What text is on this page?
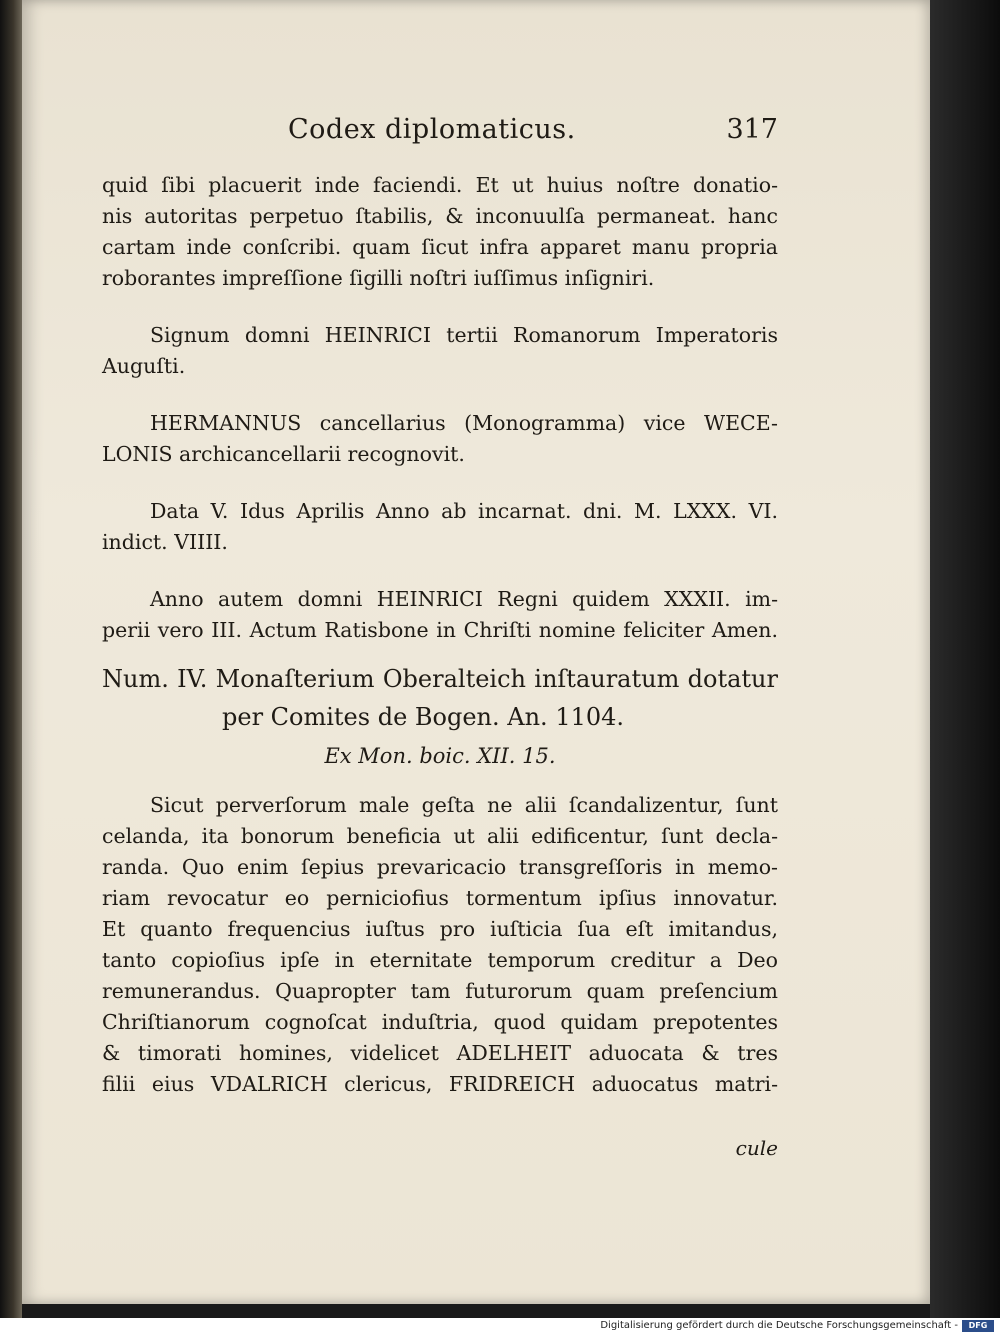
Codex diplomaticus.	317

quid ſibi placuerit inde faciendi. Et ut huius noſtre donatio-
nis autoritas perpetuo ſtabilis, & inconuulſa permaneat. hanc
cartam inde conſcribi. quam ſicut infra apparet manu propria
roborantes impreſſione ſigilli noſtri iuſſimus inſigniri.

Signum domni HEINRICI tertii Romanorum Imperatoris
Auguſti.

HERMANNUS cancellarius (Monogramma) vice WECE-
LONIS archicancellarii recognovit.

Data V. Idus Aprilis Anno ab incarnat. dni. M. LXXX. VI.
indict. VIIII.

Anno autem domni HEINRICI Regni quidem XXXII. im-
perii vero III. Actum Ratisbone in Chriſti nomine feliciter Amen.

Num. IV. Monaſterium Oberalteich inſtauratum dotatur
per Comites de Bogen. An. 1104.
Ex Mon. boic. XII. 15.

Sicut perverſorum male geſta ne alii ſcandalizentur, ſunt
celanda, ita bonorum beneficia ut alii edificentur, ſunt decla-
randa. Quo enim ſepius prevaricacio transgreſſoris in memo-
riam revocatur eo perniciofius tormentum ipſius innovatur.
Et quanto frequencius iuſtus pro iuſticia ſua eſt imitandus,
tanto copioſius ipſe in eternitate temporum creditur a Deo
remunerandus. Quapropter tam futurorum quam preſencium
Chriſtianorum cognoſcat induſtria, quod quidam prepotentes
& timorati homines, videlicet ADELHEIT aduocata & tres
filii eius VDALRICH clericus, FRIDREICH aduocatus matri-

cule
Digitalisierung gefördert durch die Deutsche Forschungsgemeinschaft -	DFG
